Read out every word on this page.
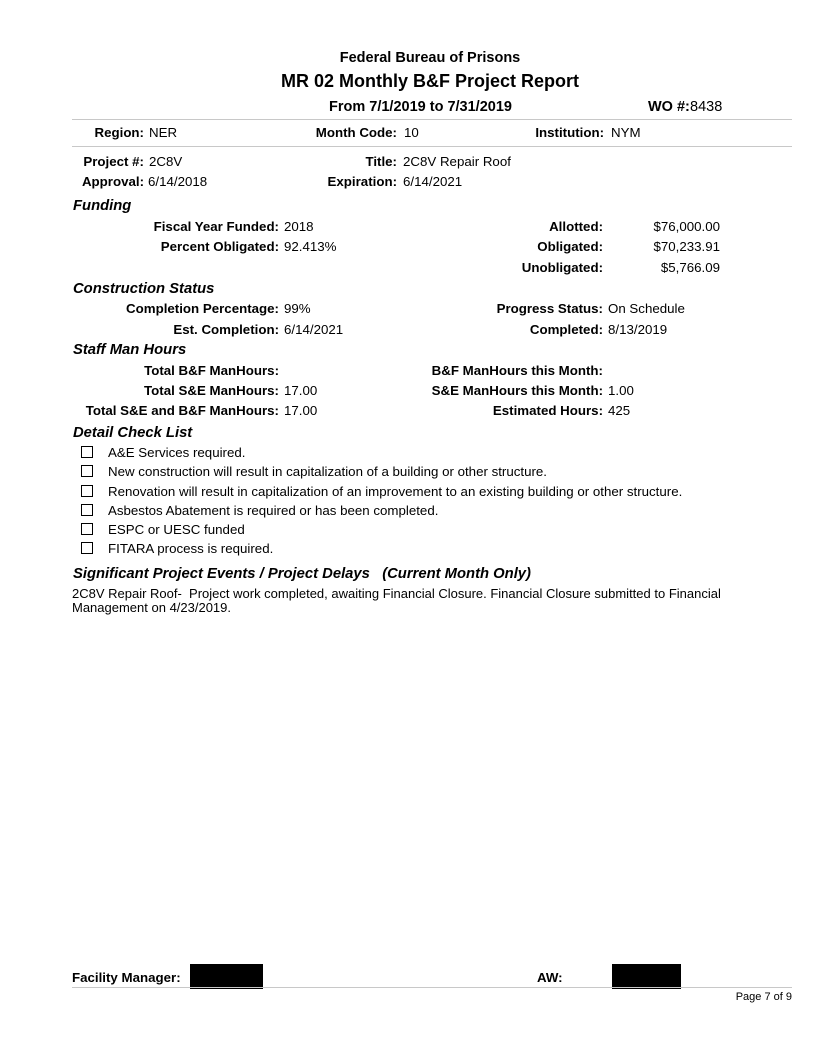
Federal Bureau of Prisons
MR 02 Monthly B&F Project Report
From 7/1/2019 to 7/31/2019	WO #: 8438
Region: NER	Month Code: 10	Institution: NYM
Project #: 2C8V	Title: 2C8V Repair Roof
Approval: 6/14/2018	Expiration: 6/14/2021
Funding
Fiscal Year Funded: 2018
Percent Obligated: 92.413%
Allotted:	$76,000.00
Obligated:	$70,233.91
Unobligated:	$5,766.09
Construction Status
Completion Percentage: 99%
Est. Completion: 6/14/2021
Progress Status: On Schedule
Completed: 8/13/2019
Staff Man Hours
Total B&F ManHours:
Total S&E ManHours: 17.00
Total S&E and B&F ManHours: 17.00
B&F ManHours this Month:
S&E ManHours this Month: 1.00
Estimated Hours: 425
Detail Check List
A&E Services required.
New construction will result in capitalization of a building or other structure.
Renovation will result in capitalization of an improvement to an existing building or other structure.
Asbestos Abatement is required or has been completed.
ESPC or UESC funded
FITARA process is required.
Significant Project Events / Project Delays   (Current Month Only)
2C8V Repair Roof-  Project work completed, awaiting Financial Closure. Financial Closure submitted to Financial
Management on 4/23/2019.
Facility Manager:	AW:
Page 7 of 9
